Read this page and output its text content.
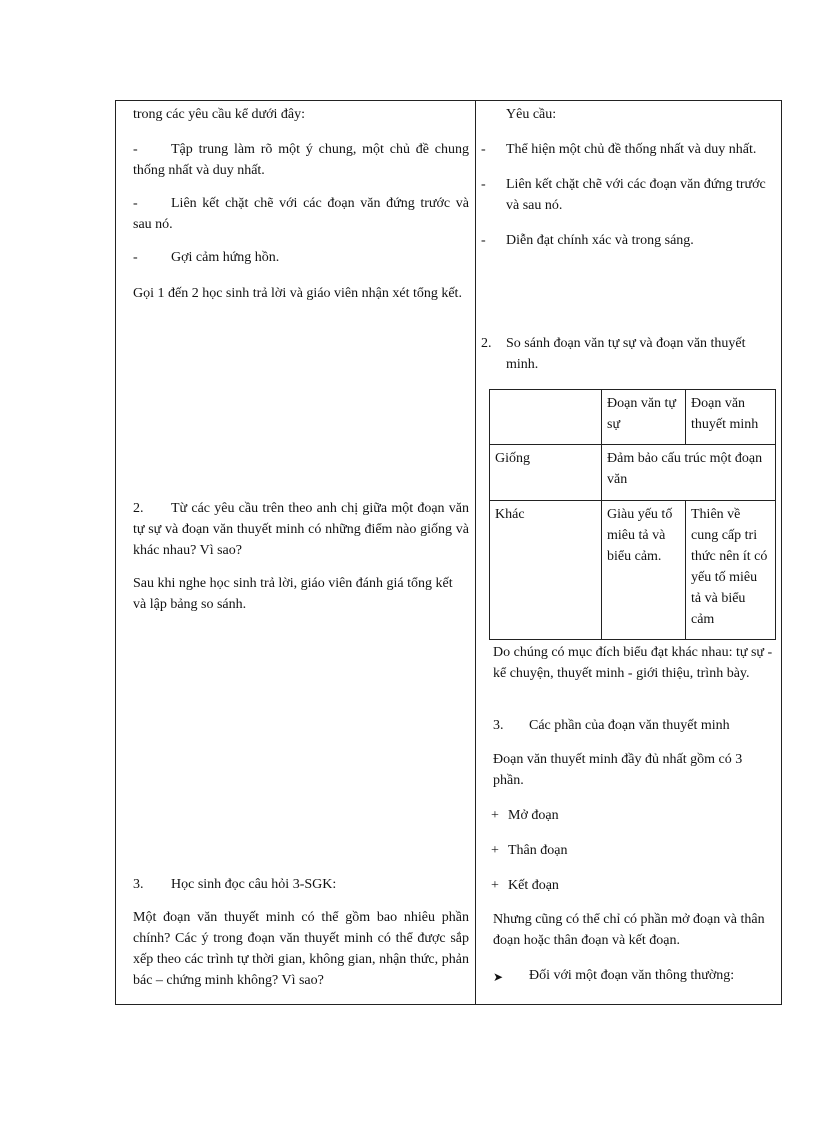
trong các yêu cầu kể dưới đây:

-	Tập trung làm rõ một ý chung, một chủ đề chung thống nhất và duy nhất.

-	Liên kết chặt chẽ với các đoạn văn đứng trước và sau nó.

-	Gợi cảm hứng hồn.

Gọi 1 đến 2 học sinh trả lời và giáo viên nhận xét tổng kết.

2.	Từ các yêu cầu trên theo anh chị giữa một đoạn văn tự sự và đoạn văn thuyết minh có những điểm nào giống và khác nhau? Vì sao?

Sau khi nghe học sinh trả lời, giáo viên đánh giá tổng kết và lập bảng so sánh.

3.	Học sinh đọc câu hỏi 3-SGK:

Một đoạn văn thuyết minh có thể gồm bao nhiêu phần chính? Các ý trong đoạn văn thuyết minh có thể được sắp xếp theo các trình tự thời gian, không gian, nhận thức, phản bác – chứng minh không? Vì sao?

Yêu cầu:

- Thể hiện một chủ đề thống nhất và duy nhất.

- Liên kết chặt chẽ với các đoạn văn đứng trước và sau nó.

- Diễn đạt chính xác và trong sáng.

2. So sánh đoạn văn tự sự và đoạn văn thuyết minh.

	Đoạn văn tự sự	Đoạn văn thuyết minh
Giống	Đảm bảo cấu trúc một đoạn văn	
Khác	Giàu yếu tố miêu tả và biểu cảm.	Thiên về cung cấp tri thức nên ít có yếu tố miêu tả và biểu cảm

Do chúng có mục đích biểu đạt khác nhau: tự sự - kể chuyện, thuyết minh - giới thiệu, trình bày.

3. Các phần của đoạn văn thuyết minh

Đoạn văn thuyết minh đầy đủ nhất gồm có 3 phần.

+ Mở đoạn

+ Thân đoạn

+ Kết đoạn

Nhưng cũng có thể chỉ có phần mở đoạn và thân đoạn hoặc thân đoạn và kết đoạn.

➤ Đối với một đoạn văn thông thường:
